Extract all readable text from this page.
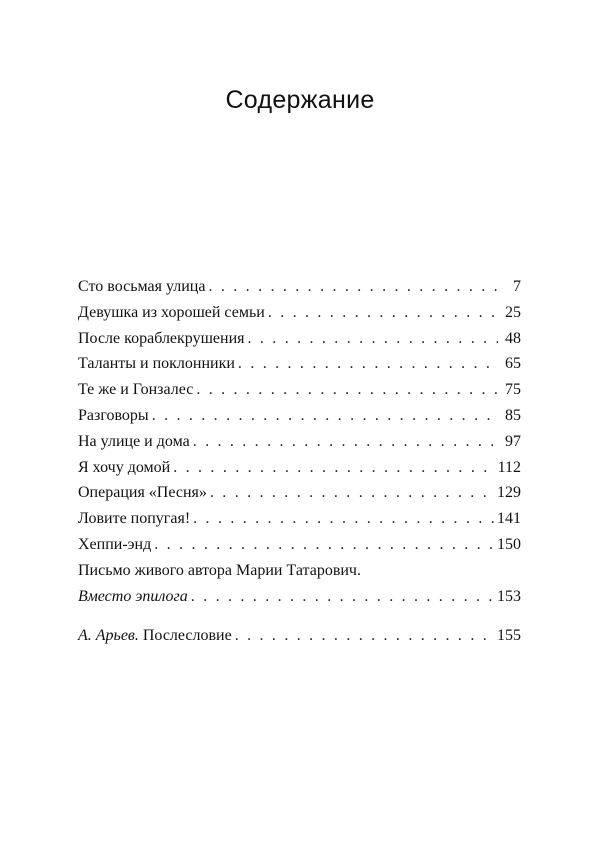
Содержание
Сто восьмая улица . . .	7
Девушка из хорошей семьи . . .	25
После кораблекрушения . . .	48
Таланты и поклонники . . .	65
Те же и Гонзалес . . .	75
Разговоры . . .	85
На улице и дома . . .	97
Я хочу домой . . .	112
Операция «Песня» . . .	129
Ловите попугая! . . .	141
Хеппи-энд . . .	150
Письмо живого автора Марии Татарович.
Вместо эпилога . . .	153
А. Арьев. Послесловие . . .	155
